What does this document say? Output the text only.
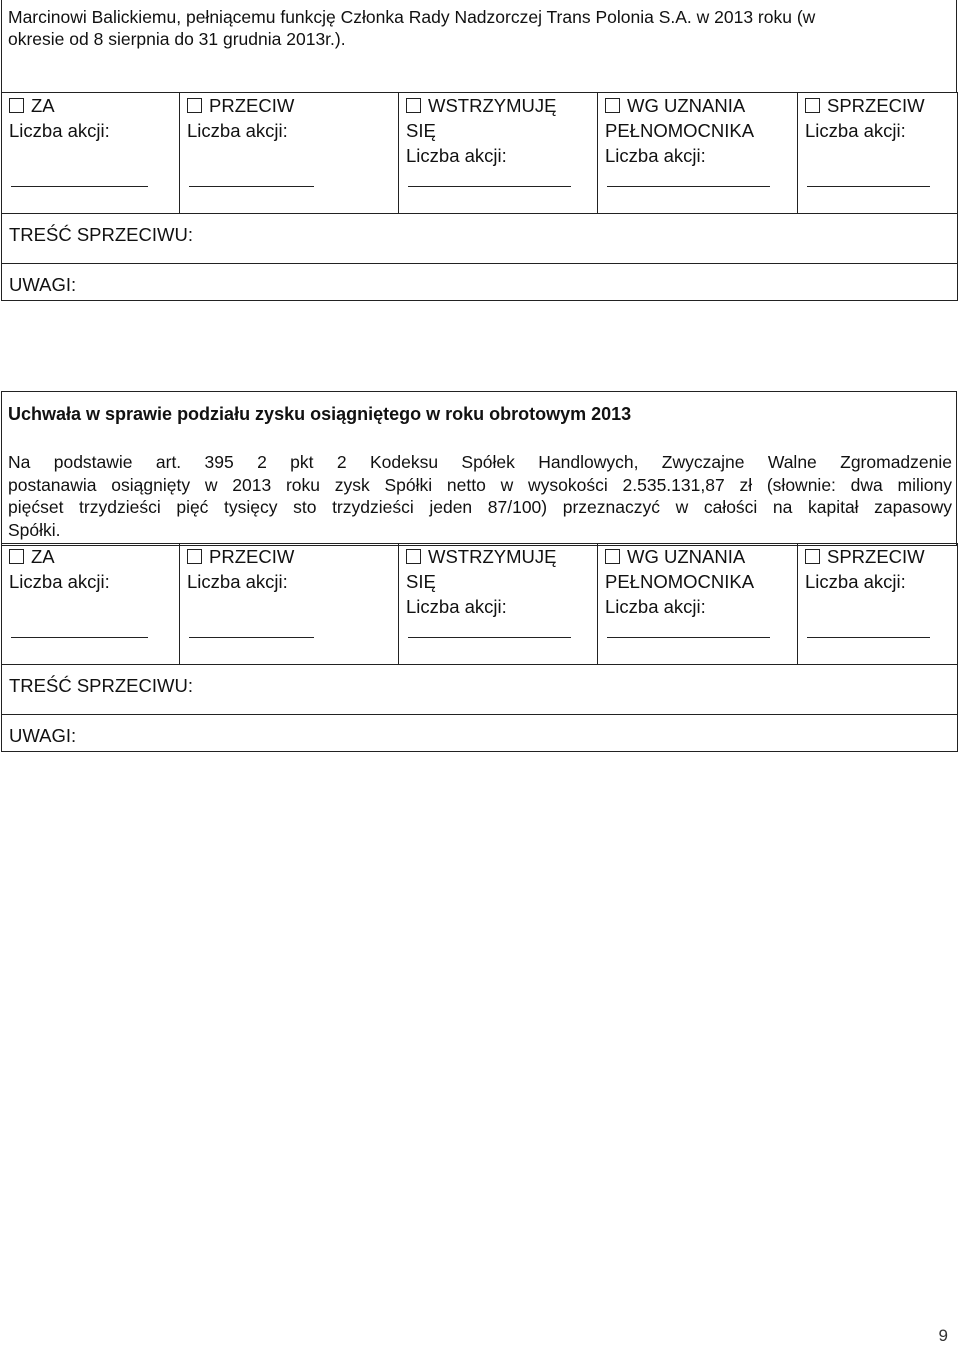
Marcinowi Balickiemu, pełniącemu funkcję Członka Rady Nadzorczej Trans Polonia S.A. w 2013 roku (w
okresie od 8 sierpnia do 31 grudnia 2013r.).
ZA
Liczba akcji:
	PRZECIW
Liczba akcji:
	WSTRZYMUJĘ
SIĘ
Liczba akcji:
	WG UZNANIA
PEŁNOMOCNIKA
Liczba akcji:
	SPRZECIW
Liczba akcji:

TREŚĆ SPRZECIWU:
UWAGI:
Uchwała w sprawie podziału zysku osiągniętego w roku obrotowym 2013
Na podstawie art. 395 2 pkt 2 Kodeksu Spółek Handlowych, Zwyczajne Walne Zgromadzenie
postanawia osiągnięty w 2013 roku zysk Spółki netto w wysokości 2.535.131,87 zł (słownie: dwa miliony
pięćset trzydzieści pięć tysięcy sto trzydzieści jeden 87/100) przeznaczyć w całości na kapitał zapasowy
Spółki.
ZA
Liczba akcji:
	PRZECIW
Liczba akcji:
	WSTRZYMUJĘ
SIĘ
Liczba akcji:
	WG UZNANIA
PEŁNOMOCNIKA
Liczba akcji:
	SPRZECIW
Liczba akcji:

TREŚĆ SPRZECIWU:
UWAGI:
9
